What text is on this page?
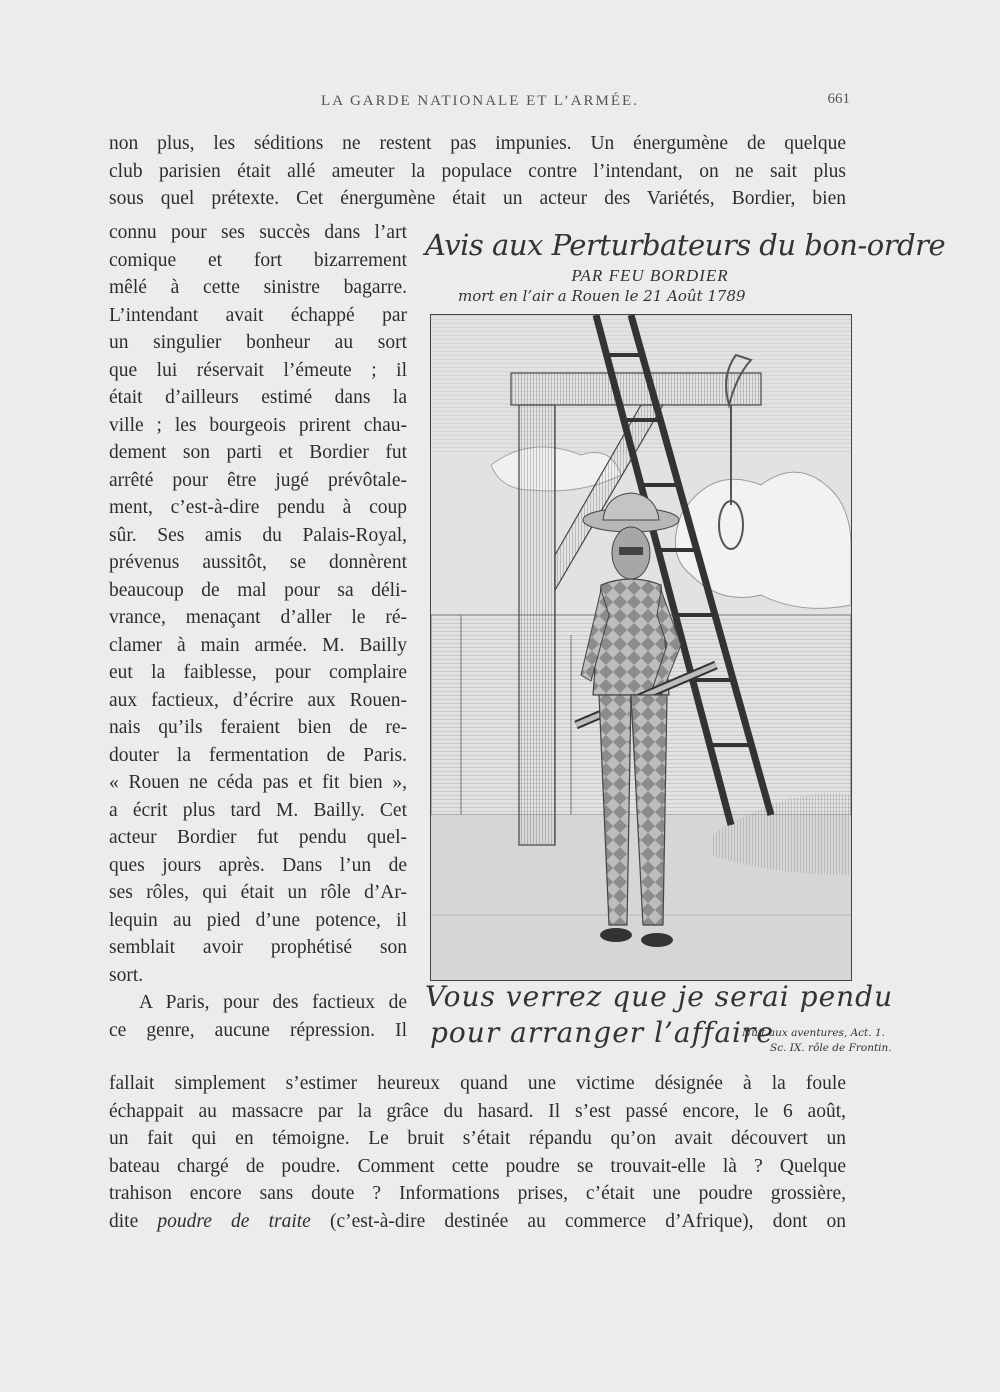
LA GARDE NATIONALE ET L’ARMÉE.	661
non plus, les séditions ne restent pas impunies. Un énergumène de quelque
club parisien était allé ameuter la populace contre l’intendant, on ne sait plus
sous quel prétexte. Cet énergumène était un acteur des Variétés, Bordier, bien
connu pour ses succès dans l’art
comique et fort bizarrement
mêlé à cette sinistre bagarre.
L’intendant avait échappé par
un singulier bonheur au sort
que lui réservait l’émeute ; il
était d’ailleurs estimé dans la
ville ; les bourgeois prirent chau-
dement son parti et Bordier fut
arrêté pour être jugé prévôtale-
ment, c’est-à-dire pendu à coup
sûr. Ses amis du Palais-Royal,
prévenus aussitôt, se donnèrent
beaucoup de mal pour sa déli-
vrance, menaçant d’aller le ré-
clamer à main armée. M. Bailly
eut la faiblesse, pour complaire
aux factieux, d’écrire aux Rouen-
nais qu’ils feraient bien de re-
douter la fermentation de Paris.
« Rouen ne céda pas et fit bien »,
a écrit plus tard M. Bailly. Cet
acteur Bordier fut pendu quel-
ques jours après. Dans l’un de
ses rôles, qui était un rôle d’Ar-
lequin au pied d’une potence, il
semblait avoir prophétisé son
sort.
A Paris, pour des factieux de
ce genre, aucune répression. Il
fallait simplement s’estimer heureux quand une victime désignée à la foule
échappait au massacre par la grâce du hasard. Il s’est passé encore, le 6 août,
un fait qui en témoigne. Le bruit s’était répandu qu’on avait découvert un
bateau chargé de poudre. Comment cette poudre se trouvait-elle là ? Quelque
trahison encore sans doute ? Informations prises, c’était une poudre grossière,
dite poudre de traite (c’est-à-dire destinée au commerce d’Afrique), dont on
Avis aux Perturbateurs du bon-ordre
PAR FEU BORDIER
mort en l’air a Rouen le 21 Août 1789
Vous verrez que je serai pendu
pour arranger l’affaire
Nuit aux aventures, Act. 1.
Sc. IX. rôle de Frontin.
